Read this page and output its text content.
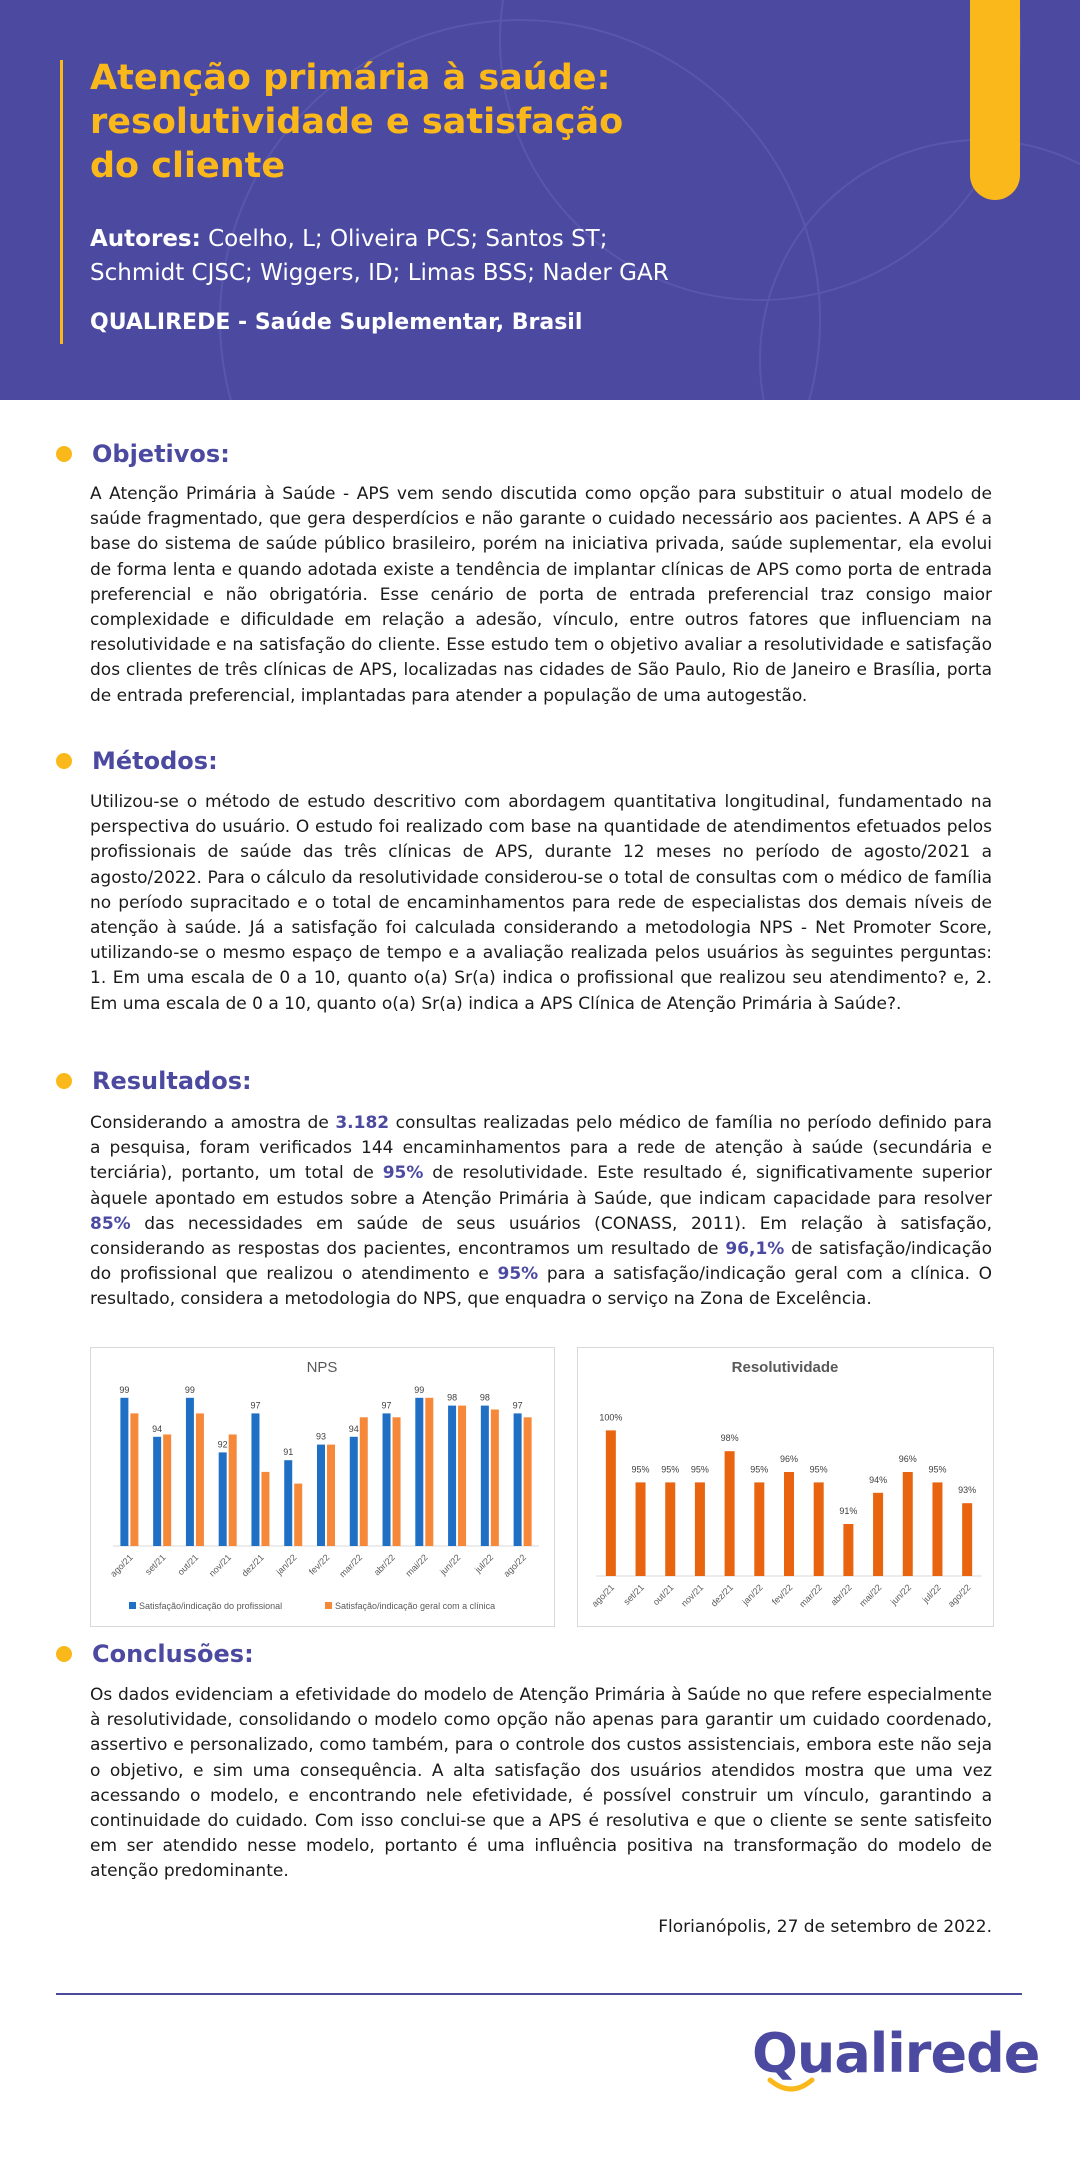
Atenção primária à saúde:
resolutividade e satisfação
do cliente
Autores: Coelho, L; Oliveira PCS; Santos ST;
Schmidt CJSC; Wiggers, ID; Limas BSS; Nader GAR
QUALIREDE - Saúde Suplementar, Brasil
Objetivos:

A Atenção Primária à Saúde - APS vem sendo discutida como opção para substituir o atual modelo de saúde fragmentado, que gera desperdícios e não garante o cuidado necessário aos pacientes. A APS é a base do sistema de saúde público brasileiro, porém na iniciativa privada, saúde suplementar, ela evolui de forma lenta e quando adotada existe a tendência de implantar clínicas de APS como porta de entrada preferencial e não obrigatória. Esse cenário de porta de entrada preferencial traz consigo maior complexidade e dificuldade em relação a adesão, vínculo, entre outros fatores que influenciam na resolutividade e na satisfação do cliente. Esse estudo tem o objetivo avaliar a resolutividade e satisfação dos clientes de três clínicas de APS, localizadas nas cidades de São Paulo, Rio de Janeiro e Brasília, porta de entrada preferencial, implantadas para atender a população de uma autogestão.

Métodos:

Utilizou-se o método de estudo descritivo com abordagem quantitativa longitudinal, fundamentado na perspectiva do usuário. O estudo foi realizado com base na quantidade de atendimentos efetuados pelos profissionais de saúde das três clínicas de APS, durante 12 meses no período de agosto/2021 a agosto/2022. Para o cálculo da resolutividade considerou-se o total de consultas com o médico de família no período supracitado e o total de encaminhamentos para rede de especialistas dos demais níveis de atenção à saúde. Já a satisfação foi calculada considerando a metodologia NPS - Net Promoter Score, utilizando-se o mesmo espaço de tempo e a avaliação realizada pelos usuários às seguintes perguntas: 1. Em uma escala de 0 a 10, quanto o(a) Sr(a) indica o profissional que realizou seu atendimento? e, 2. Em uma escala de 0 a 10, quanto o(a) Sr(a) indica a APS Clínica de Atenção Primária à Saúde?.

Resultados:

Considerando a amostra de 3.182 consultas realizadas pelo médico de família no período definido para a pesquisa, foram verificados 144 encaminhamentos para a rede de atenção à saúde (secundária e terciária), portanto, um total de 95% de resolutividade. Este resultado é, significativamente superior àquele apontado em estudos sobre a Atenção Primária à Saúde, que indicam capacidade para resolver 85% das necessidades em saúde de seus usuários (CONASS, 2011). Em relação à satisfação, considerando as respostas dos pacientes, encontramos um resultado de 96,1% de satisfação/indicação do profissional que realizou o atendimento e 95% para a satisfação/indicação geral com a clínica. O resultado, considera a metodologia do NPS, que enquadra o serviço na Zona de Excelência.

NPS
99
ago/21
94
set/21
99
out/21
92
nov/21
97
dez/21
91
jan/22
93
fev/22
94
mar/22
97
abr/22
99
mai/22
98
jun/22
98
jul/22
97
ago/22
Satisfação/indicação do profissional	Satisfação/indicação geral com a clínica
Resolutividade
100%
ago/21
95%
set/21
95%
out/21
95%
nov/21
98%
dez/21
95%
jan/22
96%
fev/22
95%
mar/22
91%
abr/22
94%
mai/22
96%
jun/22
95%
jul/22
93%
ago/22
Conclusões:

Os dados evidenciam a efetividade do modelo de Atenção Primária à Saúde no que refere especialmente à resolutividade, consolidando o modelo como opção não apenas para garantir um cuidado coordenado, assertivo e personalizado, como também, para o controle dos custos assistenciais, embora este não seja o objetivo, e sim uma consequência. A alta satisfação dos usuários atendidos mostra que uma vez acessando o modelo, e encontrando nele efetividade, é possível construir um vínculo, garantindo a continuidade do cuidado. Com isso conclui-se que a APS é resolutiva e que o cliente se sente satisfeito em ser atendido nesse modelo, portanto é uma influência positiva na transformação do modelo de atenção predominante.

Florianópolis, 27 de setembro de 2022.
Qualirede
